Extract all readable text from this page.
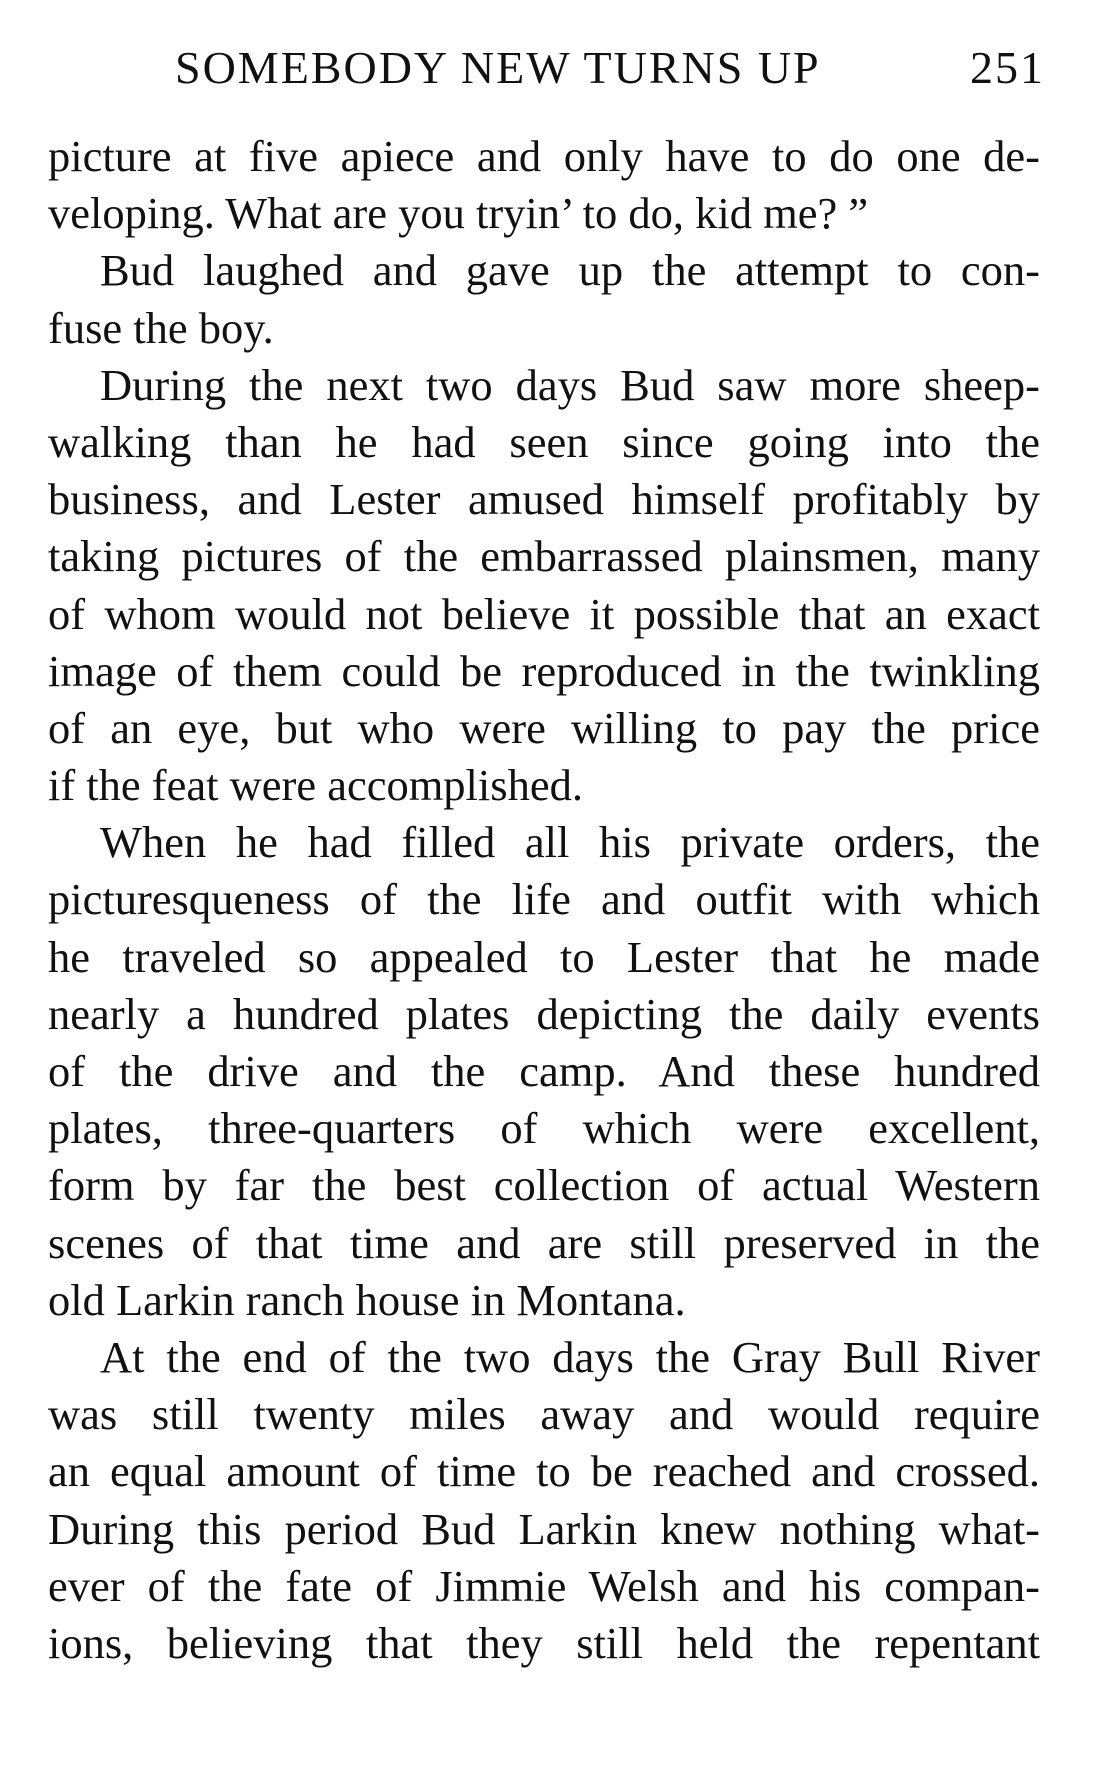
SOMEBODY NEW TURNS UP	251
picture at five apiece and only have to do one de-
veloping. What are you tryin’ to do, kid me? ”
Bud laughed and gave up the attempt to con-
fuse the boy.
During the next two days Bud saw more sheep-
walking than he had seen since going into the
business, and Lester amused himself profitably by
taking pictures of the embarrassed plainsmen, many
of whom would not believe it possible that an exact
image of them could be reproduced in the twinkling
of an eye, but who were willing to pay the price
if the feat were accomplished.
When he had filled all his private orders, the
picturesqueness of the life and outfit with which
he traveled so appealed to Lester that he made
nearly a hundred plates depicting the daily events
of the drive and the camp. And these hundred
plates, three-quarters of which were excellent,
form by far the best collection of actual Western
scenes of that time and are still preserved in the
old Larkin ranch house in Montana.
At the end of the two days the Gray Bull River
was still twenty miles away and would require
an equal amount of time to be reached and crossed.
During this period Bud Larkin knew nothing what-
ever of the fate of Jimmie Welsh and his compan-
ions, believing that they still held the repentant
